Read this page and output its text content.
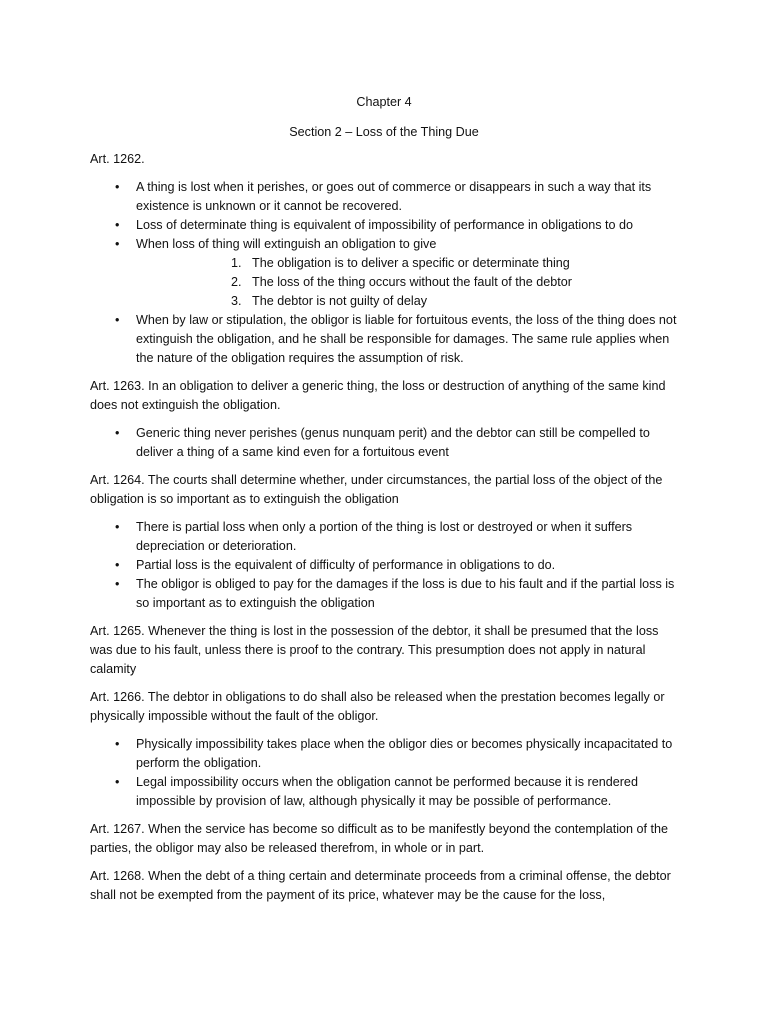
Chapter 4
Section 2 – Loss of the Thing Due

Art. 1262.

• A thing is lost when it perishes, or goes out of commerce or disappears in such a way that its existence is unknown or it cannot be recovered.
• Loss of determinate thing is equivalent of impossibility of performance in obligations to do
• When loss of thing will extinguish an obligation to give
1. The obligation is to deliver a specific or determinate thing
2. The loss of the thing occurs without the fault of the debtor
3. The debtor is not guilty of delay
• When by law or stipulation, the obligor is liable for fortuitous events, the loss of the thing does not extinguish the obligation, and he shall be responsible for damages. The same rule applies when the nature of the obligation requires the assumption of risk.

Art. 1263. In an obligation to deliver a generic thing, the loss or destruction of anything of the same kind does not extinguish the obligation.

• Generic thing never perishes (genus nunquam perit) and the debtor can still be compelled to deliver a thing of a same kind even for a fortuitous event

Art. 1264. The courts shall determine whether, under circumstances, the partial loss of the object of the obligation is so important as to extinguish the obligation

• There is partial loss when only a portion of the thing is lost or destroyed or when it suffers depreciation or deterioration.
• Partial loss is the equivalent of difficulty of performance in obligations to do.
• The obligor is obliged to pay for the damages if the loss is due to his fault and if the partial loss is so important as to extinguish the obligation

Art. 1265. Whenever the thing is lost in the possession of the debtor, it shall be presumed that the loss was due to his fault, unless there is proof to the contrary. This presumption does not apply in natural calamity

Art. 1266. The debtor in obligations to do shall also be released when the prestation becomes legally or physically impossible without the fault of the obligor.

• Physically impossibility takes place when the obligor dies or becomes physically incapacitated to perform the obligation.
• Legal impossibility occurs when the obligation cannot be performed because it is rendered impossible by provision of law, although physically it may be possible of performance.

Art. 1267. When the service has become so difficult as to be manifestly beyond the contemplation of the parties, the obligor may also be released therefrom, in whole or in part.

Art. 1268. When the debt of a thing certain and determinate proceeds from a criminal offense, the debtor shall not be exempted from the payment of its price, whatever may be the cause for the loss,
